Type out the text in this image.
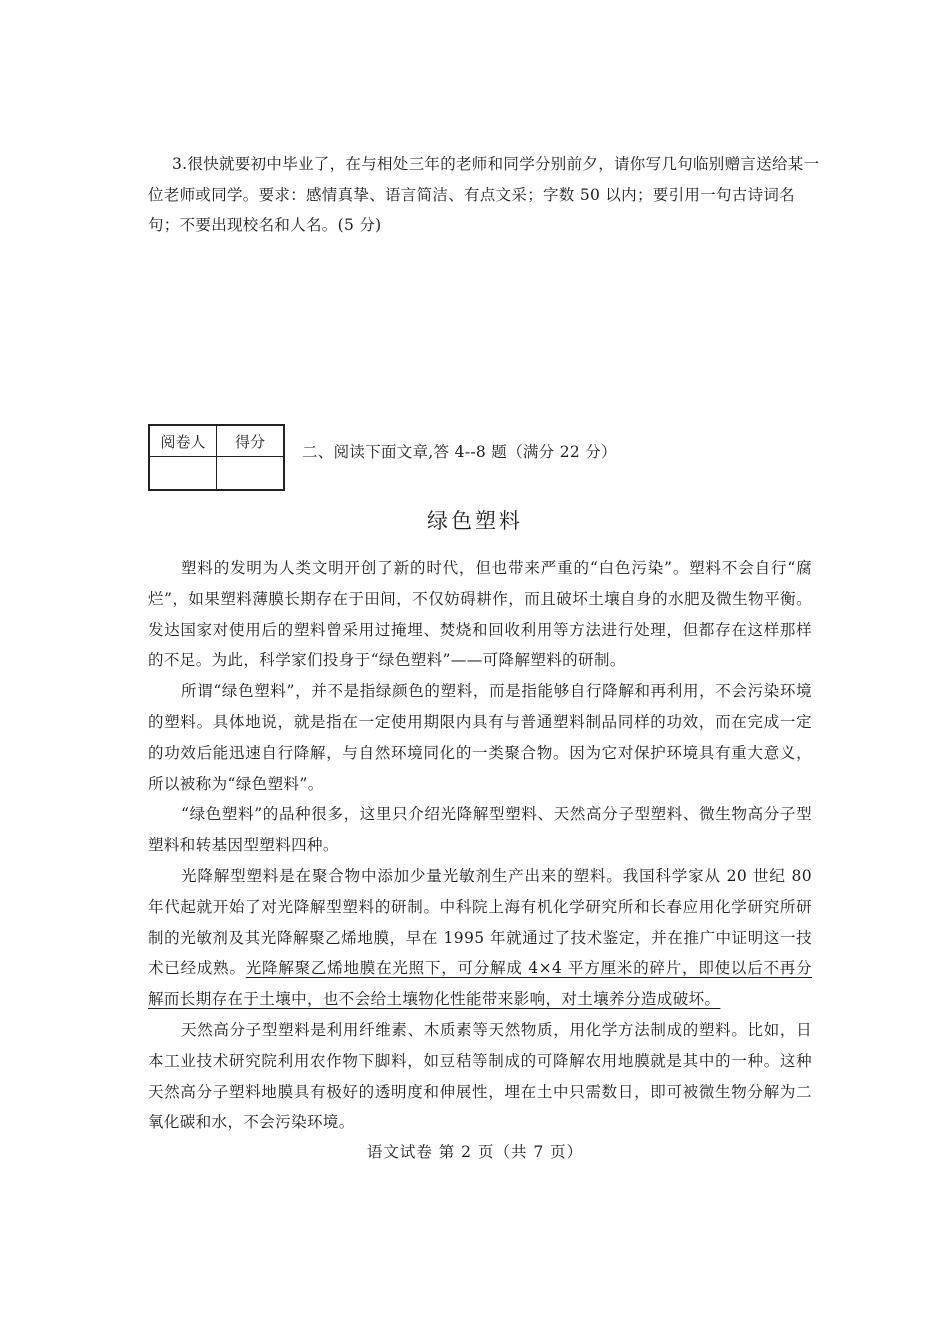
3.很快就要初中毕业了，在与相处三年的老师和同学分别前夕，请你写几句临别赠言送给某一位老师或同学。要求：感情真挚、语言简洁、有点文采；字数 50 以内；要引用一句古诗词名句；不要出现校名和人名。(5 分)
阅卷人	得分

二、阅读下面文章,答 4--8 题（满分 22 分）
绿色塑料

塑料的发明为人类文明开创了新的时代，但也带来严重的“白色污染”。塑料不会自行“腐烂”，如果塑料薄膜长期存在于田间，不仅妨碍耕作，而且破坏土壤自身的水肥及微生物平衡。发达国家对使用后的塑料曾采用过掩埋、焚烧和回收利用等方法进行处理，但都存在这样那样的不足。为此，科学家们投身于“绿色塑料”——可降解塑料的研制。

所谓“绿色塑料”，并不是指绿颜色的塑料，而是指能够自行降解和再利用，不会污染环境的塑料。具体地说，就是指在一定使用期限内具有与普通塑料制品同样的功效，而在完成一定的功效后能迅速自行降解，与自然环境同化的一类聚合物。因为它对保护环境具有重大意义，所以被称为“绿色塑料”。

“绿色塑料”的品种很多，这里只介绍光降解型塑料、天然高分子型塑料、微生物高分子型塑料和转基因型塑料四种。

光降解型塑料是在聚合物中添加少量光敏剂生产出来的塑料。我国科学家从 20 世纪 80 年代起就开始了对光降解型塑料的研制。中科院上海有机化学研究所和长春应用化学研究所研制的光敏剂及其光降解聚乙烯地膜，早在 1995 年就通过了技术鉴定，并在推广中证明这一技术已经成熟。光降解聚乙烯地膜在光照下，可分解成 4×4 平方厘米的碎片，即使以后不再分解而长期存在于土壤中，也不会给土壤物化性能带来影响，对土壤养分造成破坏。

天然高分子型塑料是利用纤维素、木质素等天然物质，用化学方法制成的塑料。比如，日本工业技术研究院利用农作物下脚料，如豆秸等制成的可降解农用地膜就是其中的一种。这种天然高分子塑料地膜具有极好的透明度和伸展性，埋在土中只需数日，即可被微生物分解为二氧化碳和水，不会污染环境。

语文试卷 第 2 页（共 7 页）
